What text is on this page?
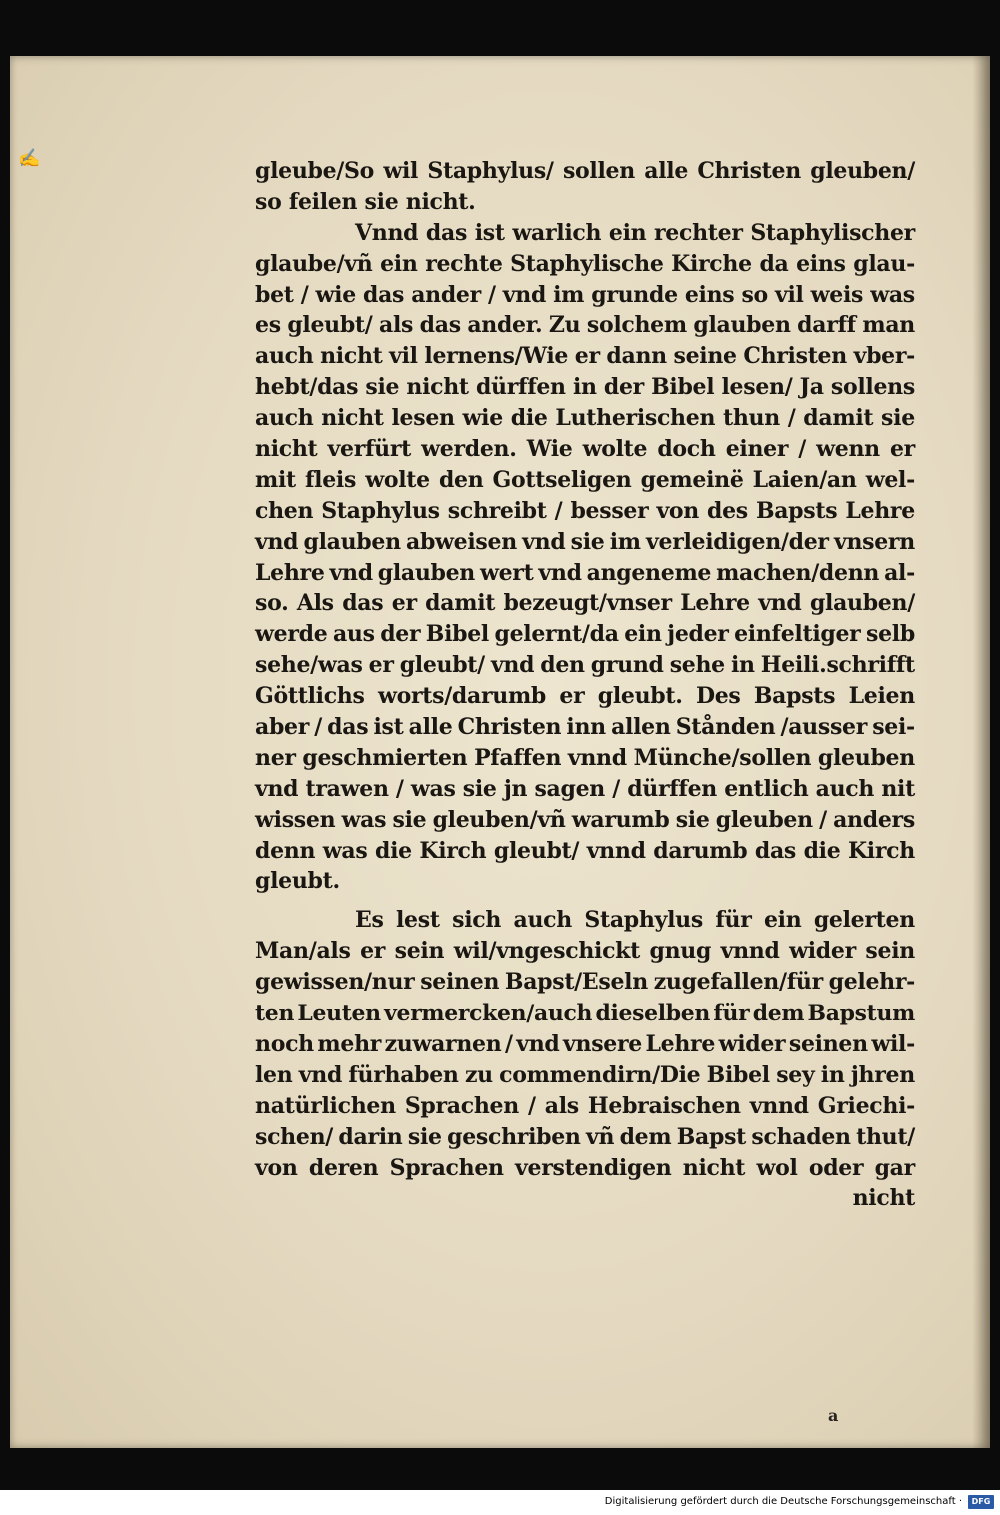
✍	gleube/So wil Staphylus/ sollen alle Christen gleuben/
so feilen sie nicht.
Vnnd das ist warlich ein rechter Staphylischer
glaube/vñ ein rechte Staphylische Kirche da eins glau-
bet / wie das ander / vnd im grunde eins so vil weis was
es gleubt/ als das ander. Zu solchem glauben darff man
auch nicht vil lernens/Wie er dann seine Christen vber-
hebt/das sie nicht dürffen in der Bibel lesen/ Ja sollens
auch nicht lesen wie die Lutherischen thun / damit sie
nicht verfürt werden. Wie wolte doch einer / wenn er
mit fleis wolte den Gottseligen gemeinë Laien/an wel-
chen Staphylus schreibt / besser von des Bapsts Lehre
vnd glauben abweisen vnd sie im verleidigen/der vnsern
Lehre vnd glauben wert vnd angeneme machen/denn al-
so. Als das er damit bezeugt/vnser Lehre vnd glauben/
werde aus der Bibel gelernt/da ein jeder einfeltiger selb
sehe/was er gleubt/ vnd den grund sehe in Heili.schrifft
Göttlichs worts/darumb er gleubt. Des Bapsts Leien
aber / das ist alle Christen inn allen Stånden /ausser sei-
ner geschmierten Pfaffen vnnd Münche/sollen gleuben
vnd trawen / was sie jn sagen / dürffen entlich auch nit
wissen was sie gleuben/vñ warumb sie gleuben / anders
denn was die Kirch gleubt/ vnnd darumb das die Kirch
gleubt.
Es lest sich auch Staphylus für ein gelerten
Man/als er sein wil/vngeschickt gnug vnnd wider sein
gewissen/nur seinen Bapst/Eseln zugefallen/für gelehr-
ten Leuten vermercken/auch dieselben für dem Bapstum
noch mehr zuwarnen / vnd vnsere Lehre wider seinen wil-
len vnd fürhaben zu commendirn/Die Bibel sey in jhren
natürlichen Sprachen / als Hebraischen vnnd Griechi-
schen/ darin sie geschriben vñ dem Bapst schaden thut/
von deren Sprachen verstendigen nicht wol oder gar
nicht
a
Digitalisierung gefördert durch die Deutsche Forschungsgemeinschaft ·	DFG
